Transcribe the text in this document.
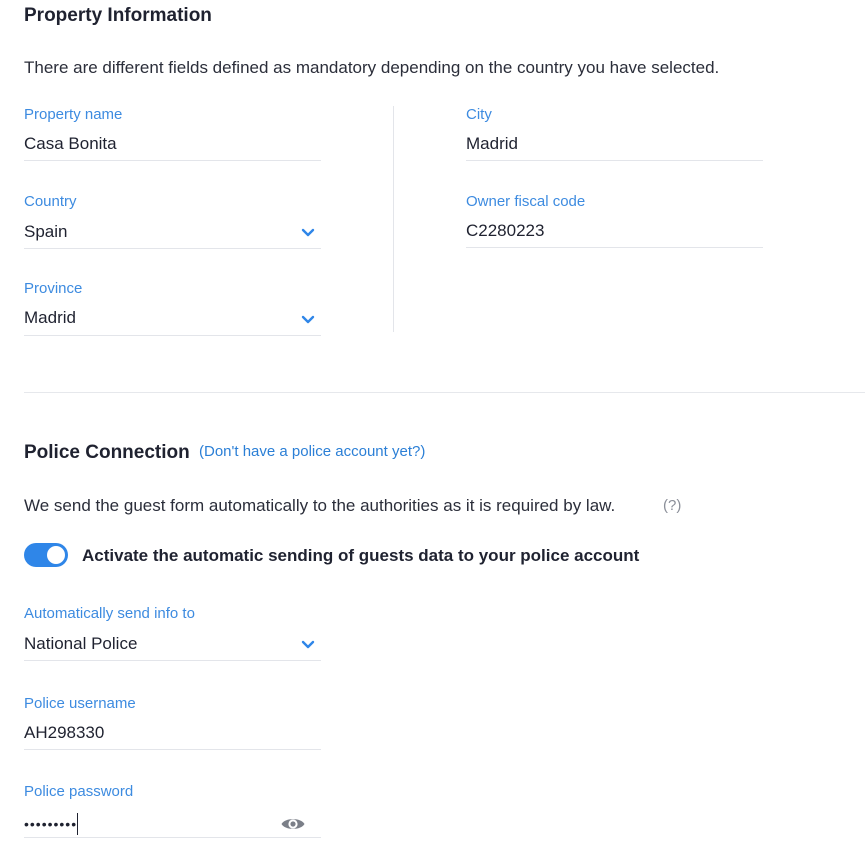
Property Information
There are different fields defined as mandatory depending on the country you have selected.
Property name
Casa Bonita
Country
Spain
Province
Madrid
City
Madrid
Owner fiscal code
C2280223
Police Connection (Don't have a police account yet?)
We send the guest form automatically to the authorities as it is required by law.	(?)
Activate the automatic sending of guests data to your police account
Automatically send info to
National Police
Police username
AH298330
Police password
•••••••••
